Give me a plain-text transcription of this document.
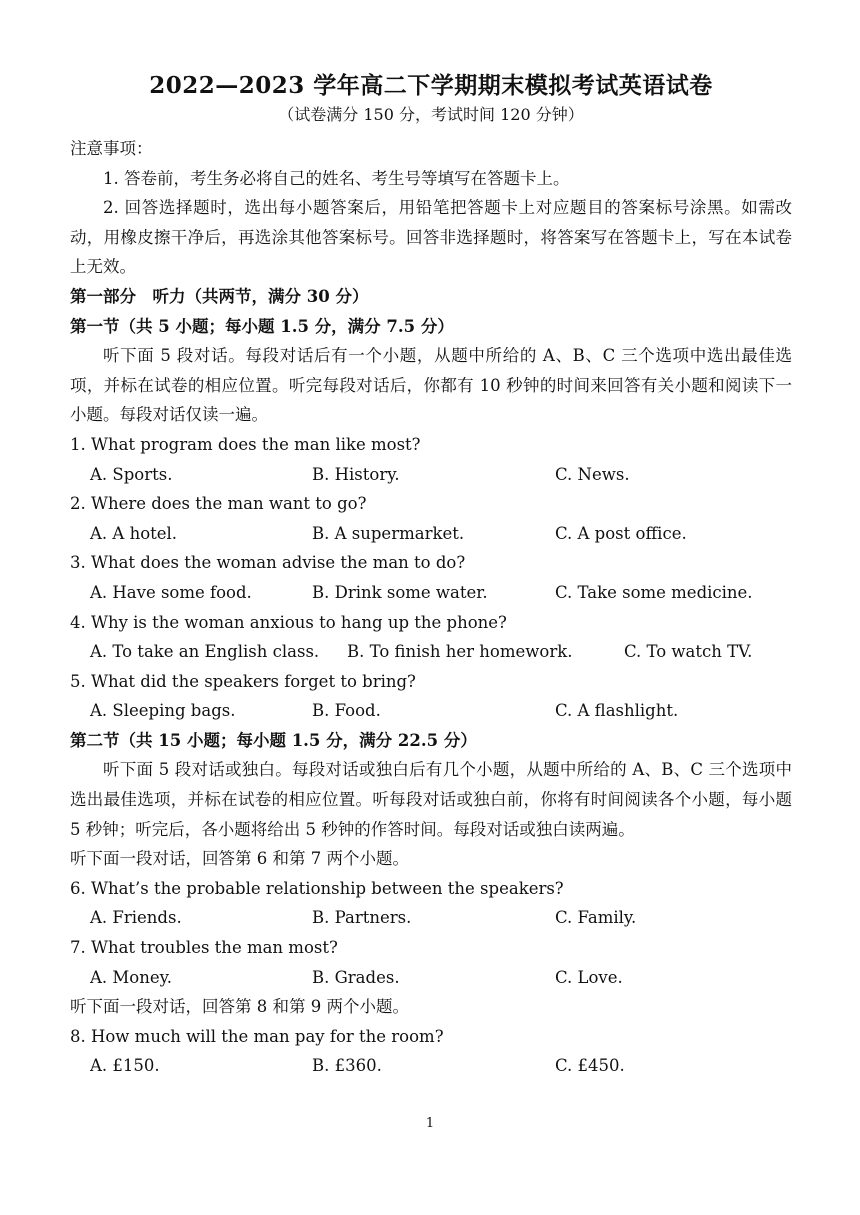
2022—2023 学年高二下学期期末模拟考试英语试卷

（试卷满分 150 分，考试时间 120 分钟）

注意事项：

1. 答卷前，考生务必将自己的姓名、考生号等填写在答题卡上。

2. 回答选择题时，选出每小题答案后，用铅笔把答题卡上对应题目的答案标号涂黑。如需改动，用橡皮擦干净后，再选涂其他答案标号。回答非选择题时，将答案写在答题卡上，写在本试卷上无效。

第一部分　听力（共两节，满分 30 分）

第一节（共 5 小题；每小题 1.5 分，满分 7.5 分）

听下面 5 段对话。每段对话后有一个小题，从题中所给的 A、B、C 三个选项中选出最佳选项，并标在试卷的相应位置。听完每段对话后，你都有 10 秒钟的时间来回答有关小题和阅读下一小题。每段对话仅读一遍。

1. What program does the man like most?

A. Sports.	B. History.	C. News.

2. Where does the man want to go?

A. A hotel.	B. A supermarket.	C. A post office.

3. What does the woman advise the man to do?

A. Have some food.	B. Drink some water.	C. Take some medicine.

4. Why is the woman anxious to hang up the phone?

A. To take an English class. B. To finish her homework.	C. To watch TV.

5. What did the speakers forget to bring?

A. Sleeping bags.	B. Food.	C. A flashlight.

第二节（共 15 小题；每小题 1.5 分，满分 22.5 分）

听下面 5 段对话或独白。每段对话或独白后有几个小题，从题中所给的 A、B、C 三个选项中选出最佳选项，并标在试卷的相应位置。听每段对话或独白前，你将有时间阅读各个小题，每小题 5 秒钟；听完后，各小题将给出 5 秒钟的作答时间。每段对话或独白读两遍。

听下面一段对话，回答第 6 和第 7 两个小题。

6. What’s the probable relationship between the speakers?

A. Friends.	B. Partners.	C. Family.

7. What troubles the man most?

A. Money.	B. Grades.	C. Love.

听下面一段对话，回答第 8 和第 9 两个小题。

8. How much will the man pay for the room?

A. £150.	B. £360.	C. £450.
1
